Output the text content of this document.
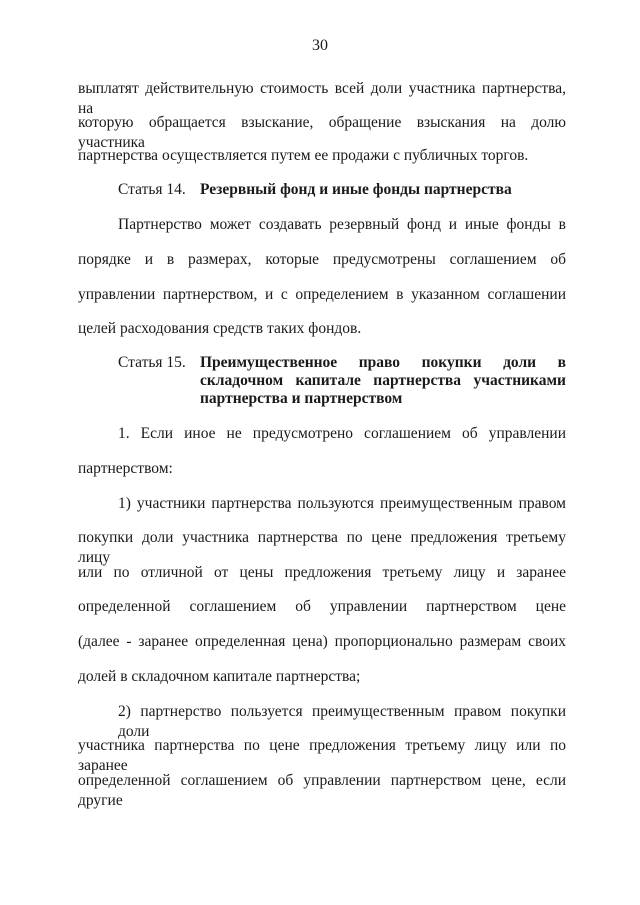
30
выплатят действительную стоимость всей доли участника партнерства, на
которую обращается взыскание, обращение взыскания на долю участника
партнерства осуществляется путем ее продажи с публичных торгов.
Статья 14. Резервный фонд и иные фонды партнерства
Партнерство может создавать резервный фонд и иные фонды в
порядке и в размерах, которые предусмотрены соглашением об
управлении партнерством, и с определением в указанном соглашении
целей расходования средств таких фондов.
Статья 15. Преимущественное право покупки доли в
складочном капитале партнерства участниками
партнерства и партнерством
1. Если иное не предусмотрено соглашением об управлении
партнерством:
1) участники партнерства пользуются преимущественным правом
покупки доли участника партнерства по цене предложения третьему лицу
или по отличной от цены предложения третьему лицу и заранее
определенной соглашением об управлении партнерством цене
(далее - заранее определенная цена) пропорционально размерам своих
долей в складочном капитале партнерства;
2) партнерство пользуется преимущественным правом покупки доли
участника партнерства по цене предложения третьему лицу или по заранее
определенной соглашением об управлении партнерством цене, если другие
